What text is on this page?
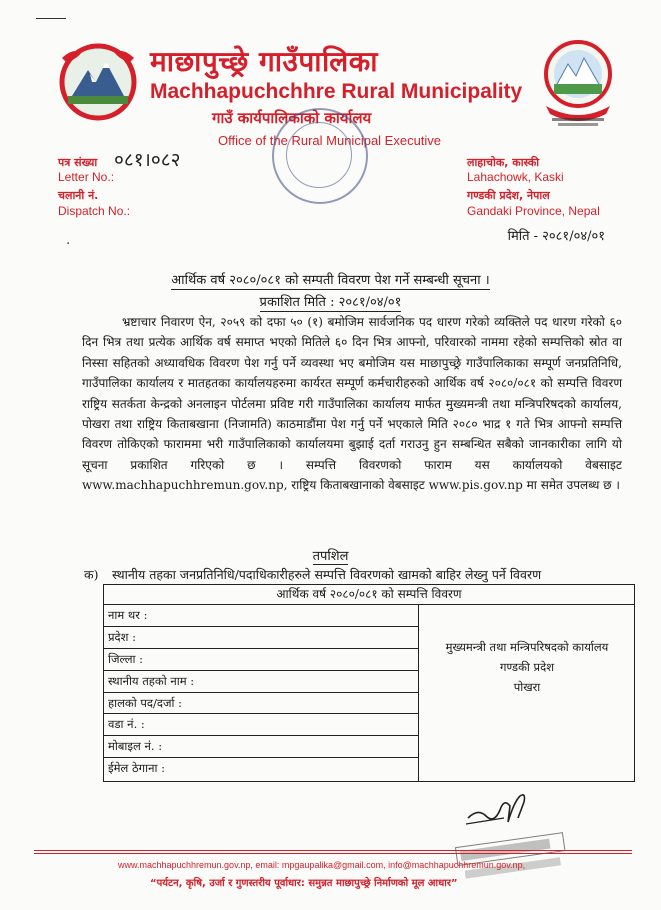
माछापुच्छ्रे गाउँपालिका
Machhapuchchhre Rural Municipality
गाउँ कार्यपालिकाको कार्यालय
Office of the Rural Municipal Executive
पत्र संख्या ०८१।०८२
Letter No.:
चलानी नं.
Dispatch No.:
लाहाचोक, कास्की
Lahachowk, Kaski
गण्डकी प्रदेश, नेपाल
Gandaki Province, Nepal
·	मिति - २०८१/०४/०१
आर्थिक वर्ष २०८०/०८१ को सम्पती विवरण पेश गर्ने सम्बन्धी सूचना ।
प्रकाशित मिति : २०८१/०४/०१
भ्रष्टाचार निवारण ऐन, २०५९ को दफा ५० (१) बमोजिम सार्वजनिक पद धारण गरेको व्यक्तिले पद धारण गरेको ६० दिन भित्र तथा प्रत्येक आर्थिक वर्ष समाप्त भएको मितिले ६० दिन भित्र आफ्नो, परिवारको नाममा रहेको सम्पत्तिको स्रोत वा निस्सा सहितको अध्यावधिक विवरण पेश गर्नु पर्ने व्यवस्था भए बमोजिम यस माछापुच्छ्रे गाउँपालिकाका सम्पूर्ण जनप्रतिनिधि, गाउँपालिका कार्यालय र मातहतका कार्यालयहरुमा कार्यरत सम्पूर्ण कर्मचारीहरुको आर्थिक वर्ष २०८०/०८१ को सम्पत्ति विवरण राष्ट्रिय सतर्कता केन्द्रको अनलाइन पोर्टलमा प्रविष्ट गरी गाउँपालिका कार्यालय मार्फत मुख्यमन्त्री तथा मन्त्रिपरिषदको कार्यालय, पोखरा तथा राष्ट्रिय किताबखाना (निजामति) काठमाडौंमा पेश गर्नु पर्ने भएकाले मिति २०८० भाद्र १ गते भित्र आफ्नो सम्पत्ति विवरण तोकिएको फाराममा भरी गाउँपालिकाको कार्यालयमा बुझाई दर्ता गराउनु हुन सम्बन्धित सबैको जानकारीका लागि यो सूचना प्रकाशित गरिएको छ । सम्पत्ति विवरणको फाराम यस कार्यालयको वेबसाइट www.machhapuchhremun.gov.np, राष्ट्रिय किताबखानाको वेबसाइट www.pis.gov.np मा समेत उपलब्ध छ ।
तपशिल
क) स्थानीय तहका जनप्रतिनिधि/पदाधिकारीहरुले सम्पत्ति विवरणको खामको बाहिर लेख्नु पर्ने विवरण
आर्थिक वर्ष २०८०/०८१ को सम्पत्ति विवरण
नाम थर :
प्रदेश :
जिल्ला :
स्थानीय तहको नाम :
हालको पद/दर्जा :
वडा नं. :
मोबाइल नं. :
ईमेल ठेगाना :
मुख्यमन्त्री तथा मन्त्रिपरिषदको कार्यालय
गण्डकी प्रदेश
पोखरा
www.machhapuchhremun.gov.np, email: mpgaupalika@gmail.com, info@machhapuchhremun.gov.np,
“पर्यटन, कृषि, उर्जा र गुणस्तरीय पूर्वाधार: समुन्नत माछापुच्छ्रे निर्माणको मूल आधार”
